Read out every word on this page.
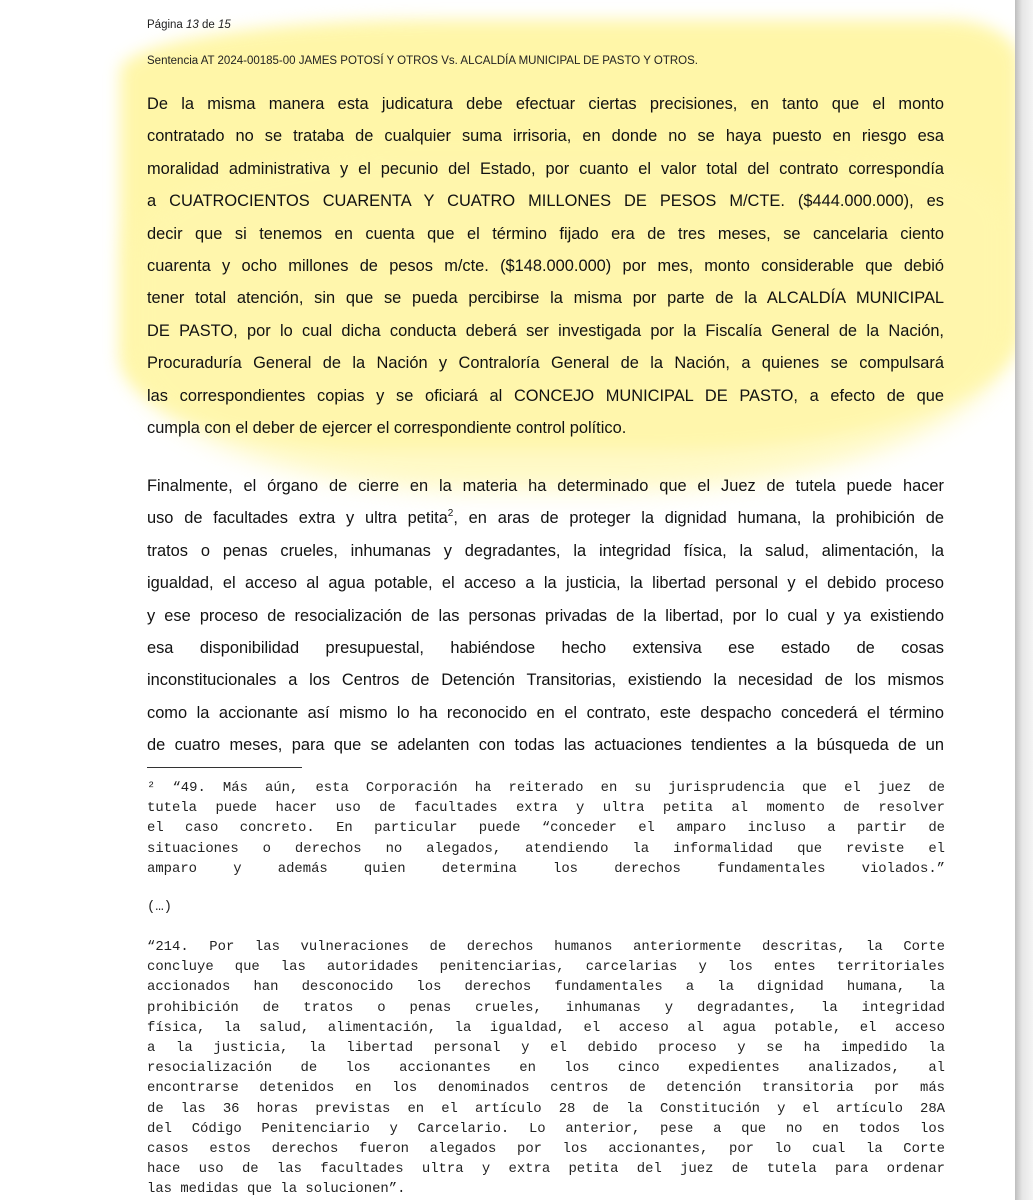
Página 13 de 15
Sentencia AT 2024-00185-00 JAMES POTOSÍ Y OTROS Vs. ALCALDÍA MUNICIPAL DE PASTO Y OTROS.
De la misma manera esta judicatura debe efectuar ciertas precisiones, en tanto que el monto
contratado no se trataba de cualquier suma irrisoria, en donde no se haya puesto en riesgo esa
moralidad administrativa y el pecunio del Estado, por cuanto el valor total del contrato correspondía
a CUATROCIENTOS CUARENTA Y CUATRO MILLONES DE PESOS M/CTE. ($444.000.000), es
decir que si tenemos en cuenta que el término fijado era de tres meses, se cancelaria ciento
cuarenta y ocho millones de pesos m/cte. ($148.000.000) por mes, monto considerable que debió
tener total atención, sin que se pueda percibirse la misma por parte de la ALCALDÍA MUNICIPAL
DE PASTO, por lo cual dicha conducta deberá ser investigada por la Fiscalía General de la Nación,
Procuraduría General de la Nación y Contraloría General de la Nación, a quienes se compulsará
las correspondientes copias y se oficiará al CONCEJO MUNICIPAL DE PASTO, a efecto de que
cumpla con el deber de ejercer el correspondiente control político.
Finalmente, el órgano de cierre en la materia ha determinado que el Juez de tutela puede hacer
uso de facultades extra y ultra petita$^2$, en aras de proteger la dignidad humana, la prohibición de
tratos o penas crueles, inhumanas y degradantes, la integridad física, la salud, alimentación, la
igualdad, el acceso al agua potable, el acceso a la justicia, la libertad personal y el debido proceso
y ese proceso de resocialización de las personas privadas de la libertad, por lo cual y ya existiendo
esa disponibilidad presupuestal, habiéndose hecho extensiva ese estado de cosas
inconstitucionales a los Centros de Detención Transitorias, existiendo la necesidad de los mismos
como la accionante así mismo lo ha reconocido en el contrato, este despacho concederá el término
de cuatro meses, para que se adelanten con todas las actuaciones tendientes a la búsqueda de un
² “49. Más aún, esta Corporación ha reiterado en su jurisprudencia que el juez de
tutela puede hacer uso de facultades extra y ultra petita al momento de resolver
el caso concreto. En particular puede “conceder el amparo incluso a partir de
situaciones o derechos no alegados, atendiendo la informalidad que reviste el
amparo y además quien determina los derechos fundamentales violados.”
(…)
“214. Por las vulneraciones de derechos humanos anteriormente descritas, la Corte
concluye que las autoridades penitenciarias, carcelarias y los entes territoriales
accionados han desconocido los derechos fundamentales a la dignidad humana, la
prohibición de tratos o penas crueles, inhumanas y degradantes, la integridad
física, la salud, alimentación, la igualdad, el acceso al agua potable, el acceso
a la justicia, la libertad personal y el debido proceso y se ha impedido la
resocialización de los accionantes en los cinco expedientes analizados, al
encontrarse detenidos en los denominados centros de detención transitoria por más
de las 36 horas previstas en el artículo 28 de la Constitución y el artículo 28A
del Código Penitenciario y Carcelario. Lo anterior, pese a que no en todos los
casos estos derechos fueron alegados por los accionantes, por lo cual la Corte
hace uso de las facultades ultra y extra petita del juez de tutela para ordenar
las medidas que la solucionen”.
